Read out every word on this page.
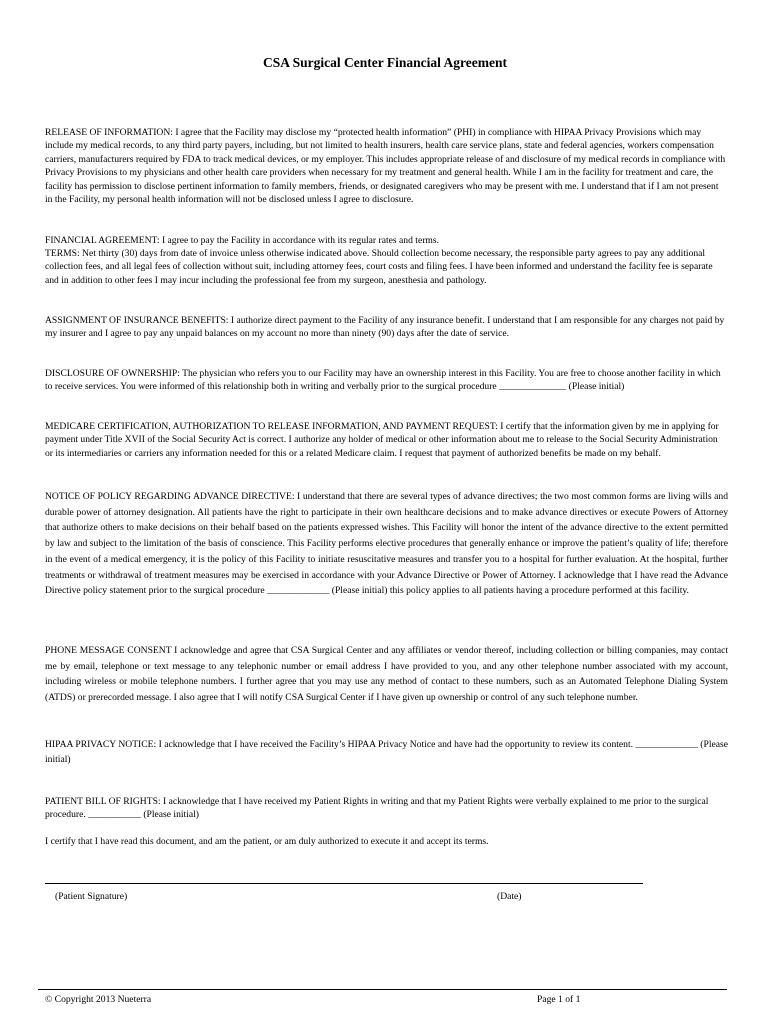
CSA Surgical Center Financial Agreement

RELEASE OF INFORMATION: I agree that the Facility may disclose my “protected health information” (PHI) in compliance with HIPAA Privacy Provisions which may include my medical records, to any third party payers, including, but not limited to health insurers, health care service plans, state and federal agencies, workers compensation carriers, manufacturers required by FDA to track medical devices, or my employer. This includes appropriate release of and disclosure of my medical records in compliance with Privacy Provisions to my physicians and other health care providers when necessary for my treatment and general health. While I am in the facility for treatment and care, the facility has permission to disclose pertinent information to family members, friends, or designated caregivers who may be present with me. I understand that if I am not present in the Facility, my personal health information will not be disclosed unless I agree to disclosure.

FINANCIAL AGREEMENT: I agree to pay the Facility in accordance with its regular rates and terms.

TERMS: Net thirty (30) days from date of invoice unless otherwise indicated above. Should collection become necessary, the responsible party agrees to pay any additional collection fees, and all legal fees of collection without suit, including attorney fees, court costs and filing fees. I have been informed and understand the facility fee is separate and in addition to other fees I may incur including the professional fee from my surgeon, anesthesia and pathology.

ASSIGNMENT OF INSURANCE BENEFITS: I authorize direct payment to the Facility of any insurance benefit. I understand that I am responsible for any charges not paid by my insurer and I agree to pay any unpaid balances on my account no more than ninety (90) days after the date of service.

DISCLOSURE OF OWNERSHIP: The physician who refers you to our Facility may have an ownership interest in this Facility. You are free to choose another facility in which to receive services. You were informed of this relationship both in writing and verbally prior to the surgical procedure ______________ (Please initial)

MEDICARE CERTIFICATION, AUTHORIZATION TO RELEASE INFORMATION, AND PAYMENT REQUEST: I certify that the information given by me in applying for payment under Title XVII of the Social Security Act is correct. I authorize any holder of medical or other information about me to release to the Social Security Administration or its intermediaries or carriers any information needed for this or a related Medicare claim. I request that payment of authorized benefits be made on my behalf.

NOTICE OF POLICY REGARDING ADVANCE DIRECTIVE: I understand that there are several types of advance directives; the two most common forms are living wills and durable power of attorney designation. All patients have the right to participate in their own healthcare decisions and to make advance directives or execute Powers of Attorney that authorize others to make decisions on their behalf based on the patients expressed wishes. This Facility will honor the intent of the advance directive to the extent permitted by law and subject to the limitation of the basis of conscience. This Facility performs elective procedures that generally enhance or improve the patient’s quality of life; therefore in the event of a medical emergency, it is the policy of this Facility to initiate resuscitative measures and transfer you to a hospital for further evaluation. At the hospital, further treatments or withdrawal of treatment measures may be exercised in accordance with your Advance Directive or Power of Attorney. I acknowledge that I have read the Advance Directive policy statement prior to the surgical procedure _____________ (Please initial) this policy applies to all patients having a procedure performed at this facility.

PHONE MESSAGE CONSENT I acknowledge and agree that CSA Surgical Center and any affiliates or vendor thereof, including collection or billing companies, may contact me by email, telephone or text message to any telephonic number or email address I have provided to you, and any other telephone number associated with my account, including wireless or mobile telephone numbers. I further agree that you may use any method of contact to these numbers, such as an Automated Telephone Dialing System (ATDS) or prerecorded message. I also agree that I will notify CSA Surgical Center if I have given up ownership or control of any such telephone number.

HIPAA PRIVACY NOTICE: I acknowledge that I have received the Facility’s HIPAA Privacy Notice and have had the opportunity to review its content. _____________ (Please initial)

PATIENT BILL OF RIGHTS: I acknowledge that I have received my Patient Rights in writing and that my Patient Rights were verbally explained to me prior to the surgical procedure. ___________ (Please initial)

I certify that I have read this document, and am the patient, or am duly authorized to execute it and accept its terms.

(Patient Signature)	(Date)
© Copyright 2013 Nueterra	Page 1 of 1
